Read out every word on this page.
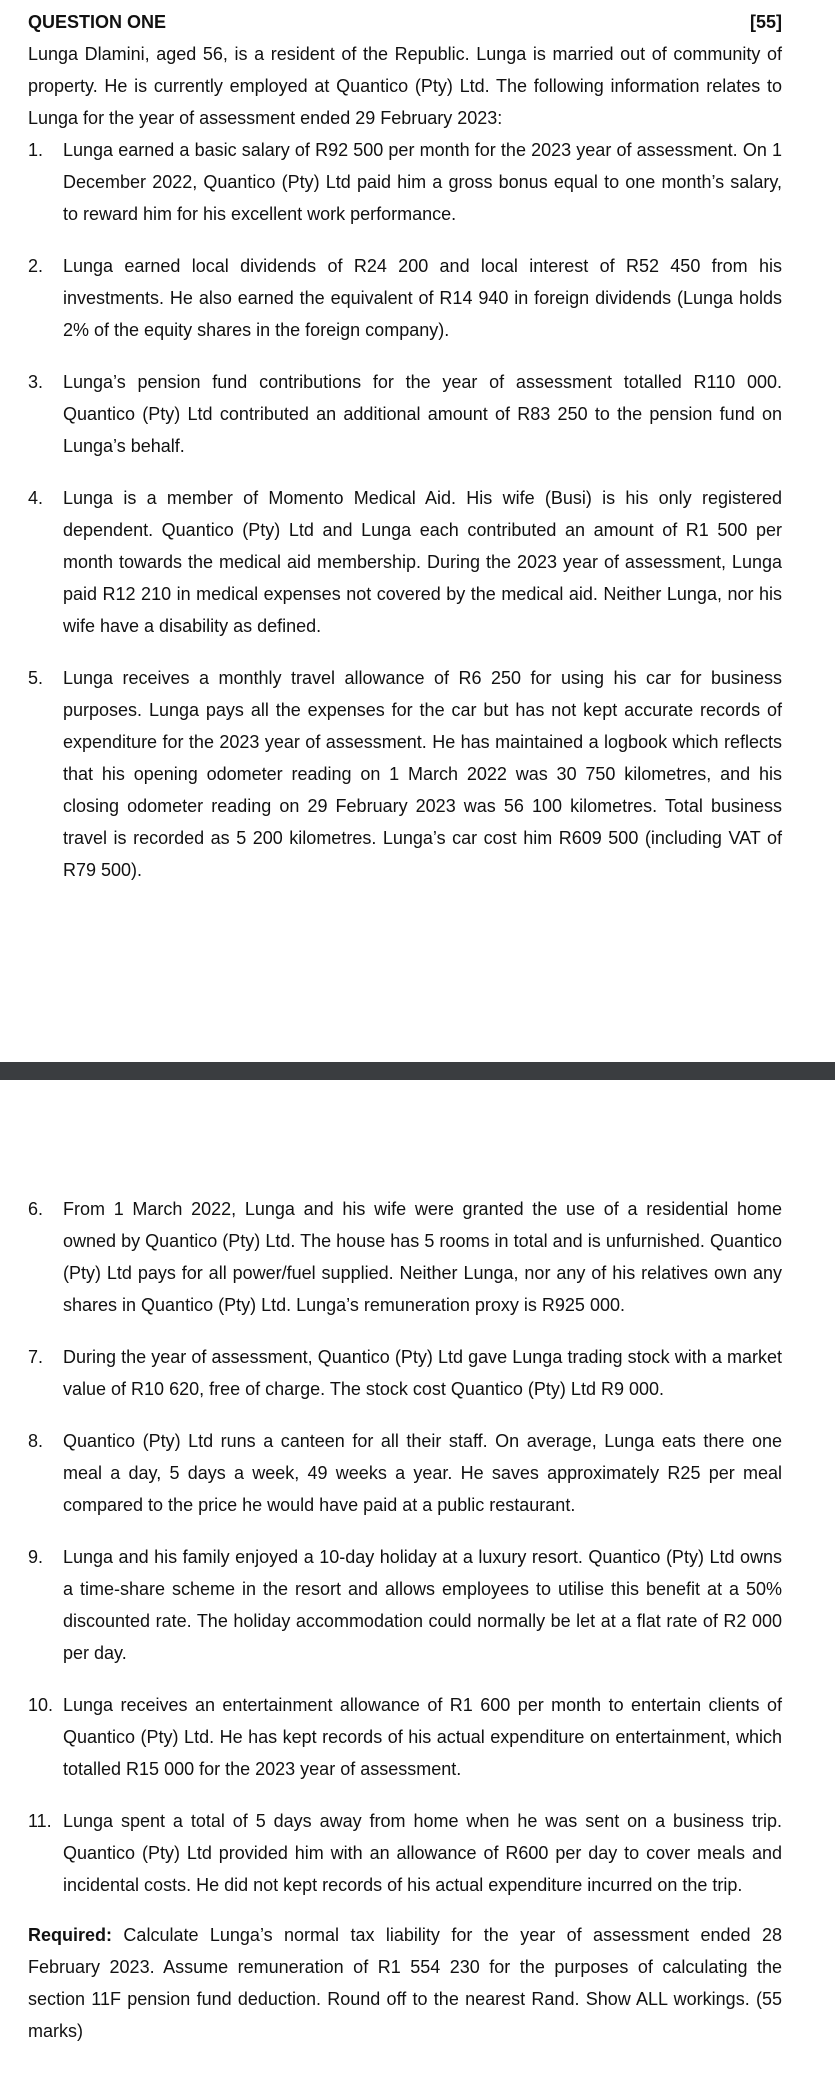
QUESTION ONE	[55]

Lunga Dlamini, aged 56, is a resident of the Republic. Lunga is married out of community of property. He is currently employed at Quantico (Pty) Ltd. The following information relates to Lunga for the year of assessment ended 29 February 2023:

1.	Lunga earned a basic salary of R92 500 per month for the 2023 year of assessment. On 1 December 2022, Quantico (Pty) Ltd paid him a gross bonus equal to one month’s salary, to reward him for his excellent work performance.

2.	Lunga earned local dividends of R24 200 and local interest of R52 450 from his investments. He also earned the equivalent of R14 940 in foreign dividends (Lunga holds 2% of the equity shares in the foreign company).

3.	Lunga’s pension fund contributions for the year of assessment totalled R110 000. Quantico (Pty) Ltd contributed an additional amount of R83 250 to the pension fund on Lunga’s behalf.

4.	Lunga is a member of Momento Medical Aid. His wife (Busi) is his only registered dependent. Quantico (Pty) Ltd and Lunga each contributed an amount of R1 500 per month towards the medical aid membership. During the 2023 year of assessment, Lunga paid R12 210 in medical expenses not covered by the medical aid. Neither Lunga, nor his wife have a disability as defined.

5.	Lunga receives a monthly travel allowance of R6 250 for using his car for business purposes. Lunga pays all the expenses for the car but has not kept accurate records of expenditure for the 2023 year of assessment. He has maintained a logbook which reflects that his opening odometer reading on 1 March 2022 was 30 750 kilometres, and his closing odometer reading on 29 February 2023 was 56 100 kilometres. Total business travel is recorded as 5 200 kilometres. Lunga’s car cost him R609 500 (including VAT of R79 500).

6.	From 1 March 2022, Lunga and his wife were granted the use of a residential home owned by Quantico (Pty) Ltd. The house has 5 rooms in total and is unfurnished. Quantico (Pty) Ltd pays for all power/fuel supplied. Neither Lunga, nor any of his relatives own any shares in Quantico (Pty) Ltd. Lunga’s remuneration proxy is R925 000.

7.	During the year of assessment, Quantico (Pty) Ltd gave Lunga trading stock with a market value of R10 620, free of charge. The stock cost Quantico (Pty) Ltd R9 000.

8.	Quantico (Pty) Ltd runs a canteen for all their staff. On average, Lunga eats there one meal a day, 5 days a week, 49 weeks a year. He saves approximately R25 per meal compared to the price he would have paid at a public restaurant.

9.	Lunga and his family enjoyed a 10-day holiday at a luxury resort. Quantico (Pty) Ltd owns a time-share scheme in the resort and allows employees to utilise this benefit at a 50% discounted rate. The holiday accommodation could normally be let at a flat rate of R2 000 per day.

10. Lunga receives an entertainment allowance of R1 600 per month to entertain clients of Quantico (Pty) Ltd. He has kept records of his actual expenditure on entertainment, which totalled R15 000 for the 2023 year of assessment.

11. Lunga spent a total of 5 days away from home when he was sent on a business trip. Quantico (Pty) Ltd provided him with an allowance of R600 per day to cover meals and incidental costs. He did not kept records of his actual expenditure incurred on the trip.

Required: Calculate Lunga’s normal tax liability for the year of assessment ended 28 February 2023. Assume remuneration of R1 554 230 for the purposes of calculating the section 11F pension fund deduction. Round off to the nearest Rand. Show ALL workings. (55 marks)
